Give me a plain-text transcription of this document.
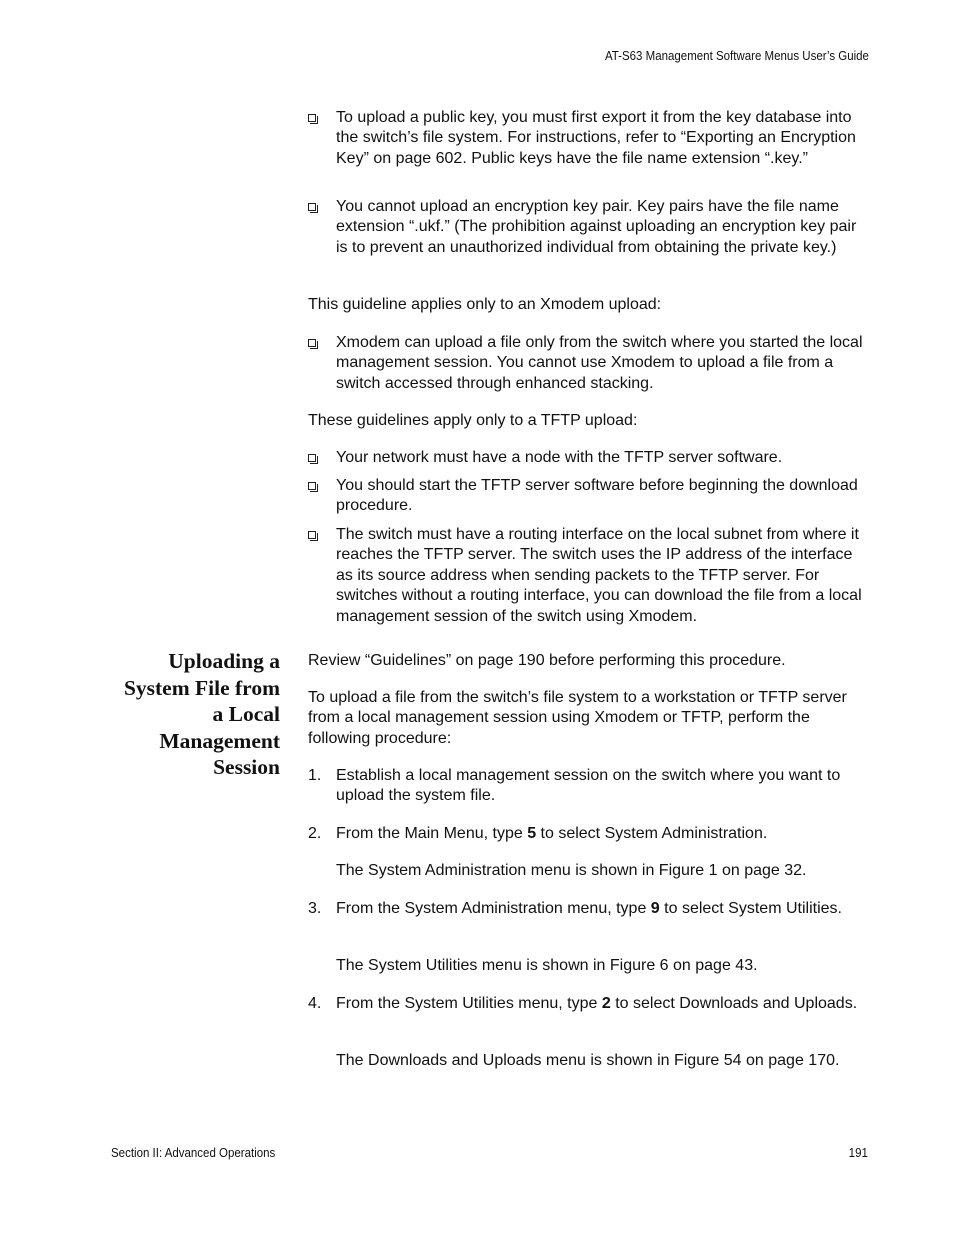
AT-S63 Management Software Menus User’s Guide
To upload a public key, you must first export it from the key database into the switch’s file system. For instructions, refer to “Exporting an Encryption Key” on page 602. Public keys have the file name extension “.key.”
You cannot upload an encryption key pair. Key pairs have the file name extension “.ukf.” (The prohibition against uploading an encryption key pair is to prevent an unauthorized individual from obtaining the private key.)
This guideline applies only to an Xmodem upload:
Xmodem can upload a file only from the switch where you started the local management session. You cannot use Xmodem to upload a file from a switch accessed through enhanced stacking.
These guidelines apply only to a TFTP upload:
Your network must have a node with the TFTP server software.
You should start the TFTP server software before beginning the download procedure.
The switch must have a routing interface on the local subnet from where it reaches the TFTP server. The switch uses the IP address of the interface as its source address when sending packets to the TFTP server. For switches without a routing interface, you can download the file from a local management session of the switch using Xmodem.
Uploading a
System File from
a Local
Management
Session
Review “Guidelines” on page 190 before performing this procedure.
To upload a file from the switch’s file system to a workstation or TFTP server from a local management session using Xmodem or TFTP, perform the following procedure:
1. Establish a local management session on the switch where you want to upload the system file.
2. From the Main Menu, type 5 to select System Administration.
The System Administration menu is shown in Figure 1 on page 32.
3. From the System Administration menu, type 9 to select System Utilities.
The System Utilities menu is shown in Figure 6 on page 43.
4. From the System Utilities menu, type 2 to select Downloads and Uploads.
The Downloads and Uploads menu is shown in Figure 54 on page 170.
Section II: Advanced Operations	191
